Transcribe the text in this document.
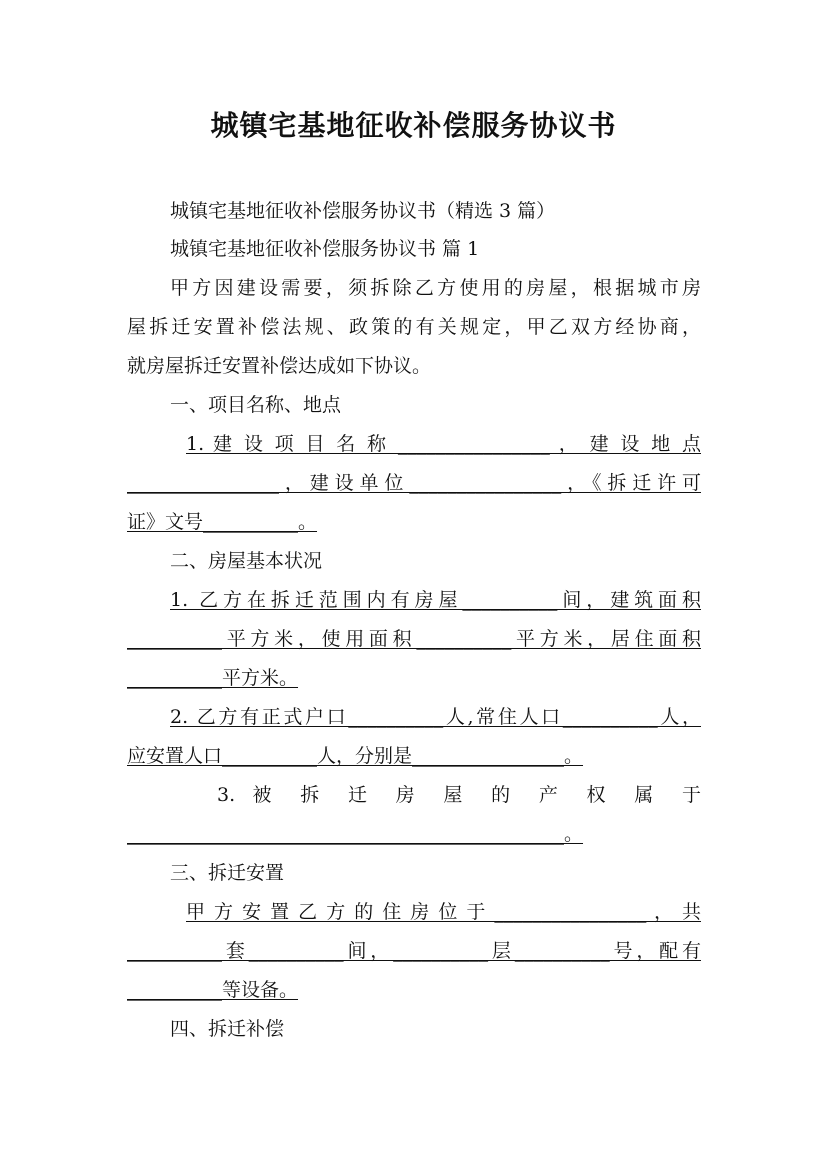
城镇宅基地征收补偿服务协议书
城镇宅基地征收补偿服务协议书（精选 3 篇）
城镇宅基地征收补偿服务协议书 篇 1
甲方因建设需要，须拆除乙方使用的房屋，根据城市房
屋拆迁安置补偿法规、政策的有关规定，甲乙双方经协商，
就房屋拆迁安置补偿达成如下协议。
一、项目名称、地点
1. 建 设 项 目 名 称 ________________ ， 建 设 地 点
________________，建设单位________________，《拆迁许可
证》文号__________。
二、房屋基本状况
1. 乙方在拆迁范围内有房屋__________间，建筑面积
__________平方米，使用面积__________平方米，居住面积
__________平方米。
2. 乙方有正式户口__________人,常住人口__________人，
应安置人口__________人，分别是________________。
3. 被 拆 迁 房 屋 的 产 权 属 于
______________________________________________。
三、拆迁安置
甲 方 安 置 乙 方 的 住 房 位 于 ________________ ， 共
__________套__________间，__________层__________号，配有
__________等设备。
四、拆迁补偿
